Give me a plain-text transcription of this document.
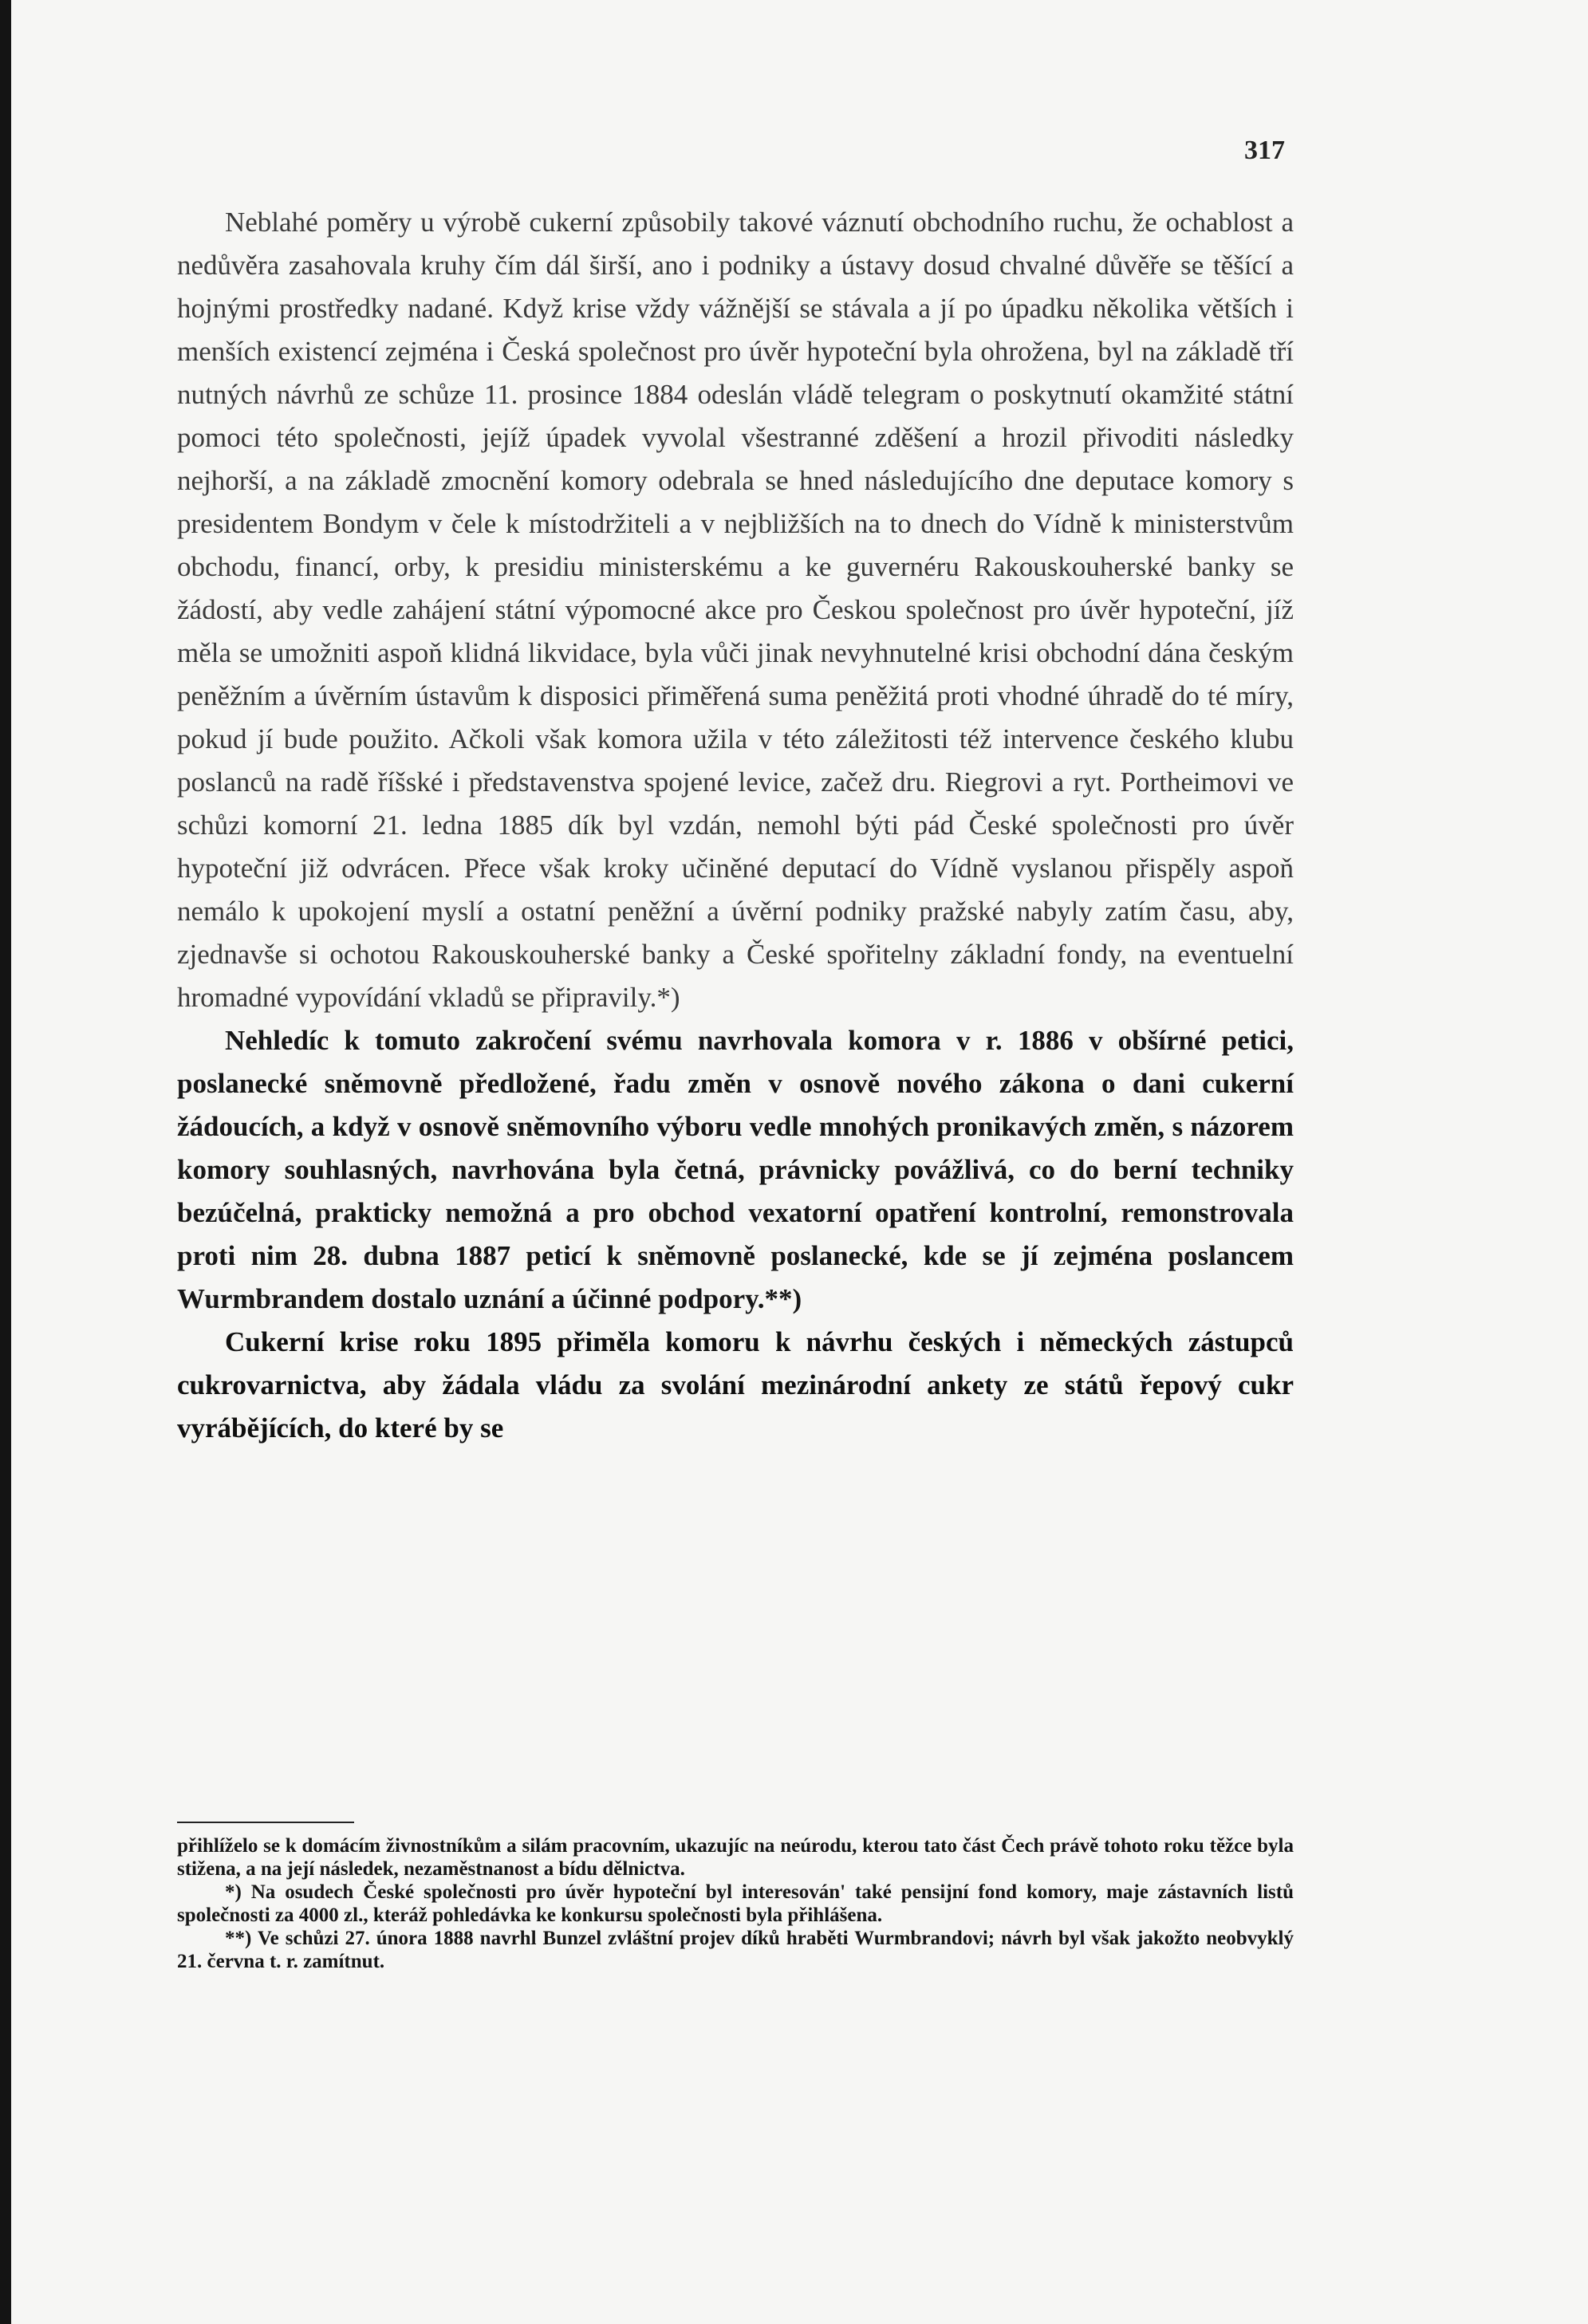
317

Neblahé poměry u výrobě cukerní způsobily takové váznutí obchodního ruchu, že ochablost a nedůvěra zasahovala kruhy čím dál širší, ano i podniky a ústavy dosud chvalné důvěře se těšící a hojnými prostředky nadané. Když krise vždy vážnější se stávala a jí po úpadku několika větších i menších existencí zejména i Česká společnost pro úvěr hypoteční byla ohrožena, byl na základě tří nutných návrhů ze schůze 11. prosince 1884 odeslán vládě telegram o poskytnutí okamžité státní pomoci této společnosti, jejíž úpadek vyvolal všestranné zděšení a hrozil přivoditi následky nejhorší, a na základě zmocnění komory odebrala se hned následujícího dne deputace komory s presidentem Bondym v čele k místodržiteli a v nejbližších na to dnech do Vídně k ministerstvům obchodu, financí, orby, k presidiu ministerskému a ke guvernéru Rakouskouherské banky se žádostí, aby vedle zahájení státní výpomocné akce pro Českou společnost pro úvěr hypoteční, jíž měla se umožniti aspoň klidná likvidace, byla vůči jinak nevyhnutelné krisi obchodní dána českým peněžním a úvěrním ústavům k disposici přiměřená suma peněžitá proti vhodné úhradě do té míry, pokud jí bude použito. Ačkoli však komora užila v této záležitosti též intervence českého klubu poslanců na radě říšské i představenstva spojené levice, začež dru. Riegrovi a ryt. Portheimovi ve schůzi komorní 21. ledna 1885 dík byl vzdán, nemohl býti pád České společnosti pro úvěr hypoteční již odvrácen. Přece však kroky učiněné deputací do Vídně vyslanou přispěly aspoň nemálo k upokojení myslí a ostatní peněžní a úvěrní podniky pražské nabyly zatím času, aby, zjednavše si ochotou Rakouskouherské banky a České spořitelny základní fondy, na eventuelní hromadné vypovídání vkladů se připravily.*)

Nehledíc k tomuto zakročení svému navrhovala komora v r. 1886 v obšírné petici, poslanecké sněmovně předložené, řadu změn v osnově nového zákona o dani cukerní žádoucích, a když v osnově sněmovního výboru vedle mnohých pronikavých změn, s názorem komory souhlasných, navrhována byla četná, právnicky povážlivá, co do berní techniky bezúčelná, prakticky nemožná a pro obchod vexatorní opatření kontrolní, remonstrovala proti nim 28. dubna 1887 peticí k sněmovně poslanecké, kde se jí zejména poslancem Wurmbrandem dostalo uznání a účinné podpory.**)

Cukerní krise roku 1895 přiměla komoru k návrhu českých i německých zástupců cukrovarnictva, aby žádala vládu za svolání mezinárodní ankety ze států řepový cukr vyrábějících, do které by se

přihlíželo se k domácím živnostníkům a silám pracovním, ukazujíc na neúrodu, kterou tato část Čech právě tohoto roku těžce byla stižena, a na její následek, nezaměstnanost a bídu dělnictva.

*) Na osudech České společnosti pro úvěr hypoteční byl interesován' také pensijní fond komory, maje zástavních listů společnosti za 4000 zl., kteráž pohledávka ke konkursu společnosti byla přihlášena.

**) Ve schůzi 27. února 1888 navrhl Bunzel zvláštní projev díků hraběti Wurmbrandovi; návrh byl však jakožto neobvyklý 21. června t. r. zamítnut.
